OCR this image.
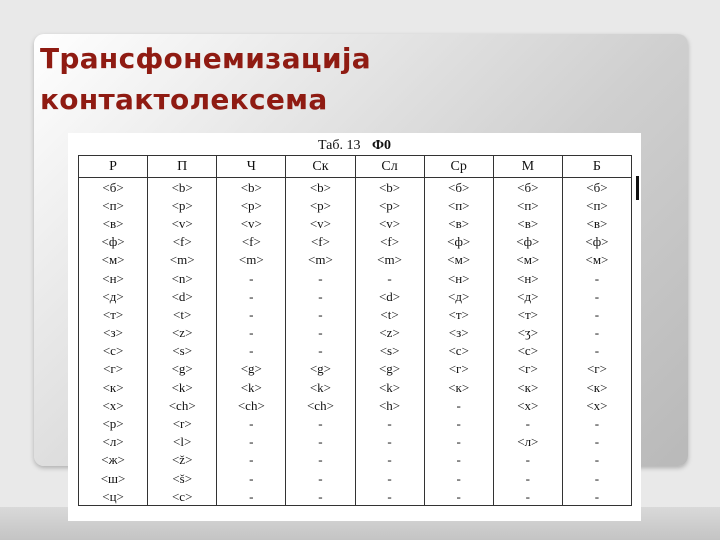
Трансфонемизација
контактолексема
Таб. 13 Ф0
Р	П	Ч	Ск	Сл	Ср	М	Б
<б>	<b>	<b>	<b>	<b>	<б>	<б>	<б>
<п>	<p>	<p>	<p>	<p>	<п>	<п>	<п>
<в>	<v>	<v>	<v>	<v>	<в>	<в>	<в>
<ф>	<f>	<f>	<f>	<f>	<ф>	<ф>	<ф>
<м>	<m>	<m>	<m>	<m>	<м>	<м>	<м>
<н>	<n>	-	-	-	<н>	<н>	-
<д>	<d>	-	-	<d>	<д>	<д>	-
<т>	<t>	-	-	<t>	<т>	<т>	-
<з>	<z>	-	-	<z>	<з>	<ʒ>	-
<с>	<s>	-	-	<s>	<с>	<с>	-
<г>	<g>	<g>	<g>	<g>	<г>	<г>	<г>
<к>	<k>	<k>	<k>	<k>	<к>	<к>	<к>
<х>	<ch>	<ch>	<ch>	<h>	-	<х>	<х>
<р>	<r>	-	-	-	-	-	-
<л>	<l>	-	-	-	-	<л>	-
<ж>	<ž>	-	-	-	-	-	-
<ш>	<š>	-	-	-	-	-	-
<ц>	<c>	-	-	-	-	-	-
